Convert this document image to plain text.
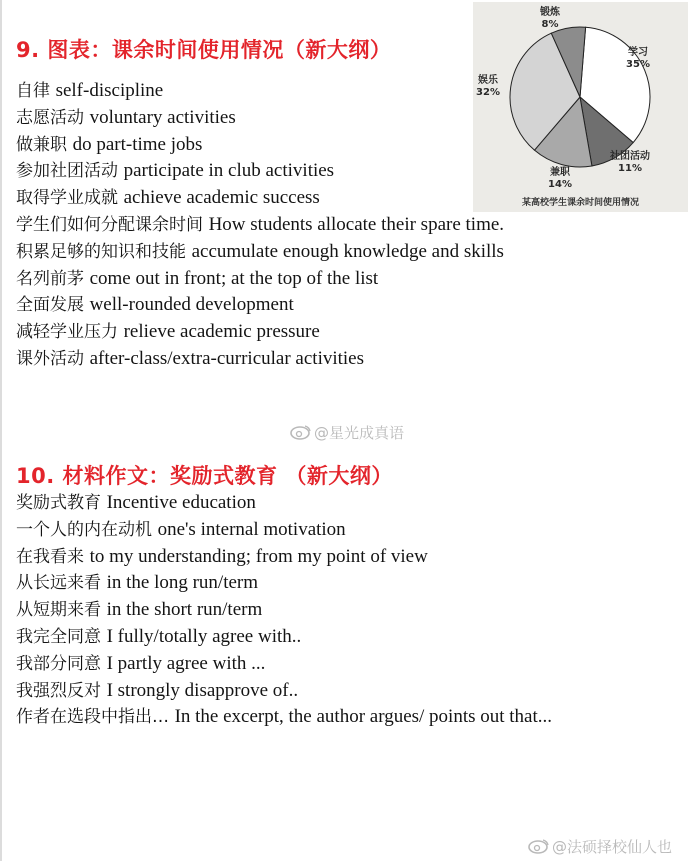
9. 图表：课余时间使用情况（新大纲）
自律 self-discipline
志愿活动 voluntary activities
做兼职 do part-time jobs
参加社团活动 participate in club activities
取得学业成就 achieve academic success
学生们如何分配课余时间 How students allocate their spare time.
积累足够的知识和技能 accumulate enough knowledge and skills
名列前茅 come out in front; at the top of the list
全面发展 well-rounded development
减轻学业压力 relieve academic pressure
课外活动 after-class/extra-curricular activities
学习
35%
社团活动
11%
兼职
14%
娱乐
32%
锻炼
8%
某高校学生课余时间使用情况
@星光成真语
10. 材料作文：奖励式教育 （新大纲）
奖励式教育 Incentive education
一个人的内在动机 one's internal motivation
在我看来 to my understanding; from my point of view
从长远来看 in the long run/term
从短期来看 in the short run/term
我完全同意 I fully/totally agree with..
我部分同意 I partly agree with ...
我强烈反对 I strongly disapprove of..
作者在选段中指出… In the excerpt, the author argues/ points out that...
@法硕择校仙人也
